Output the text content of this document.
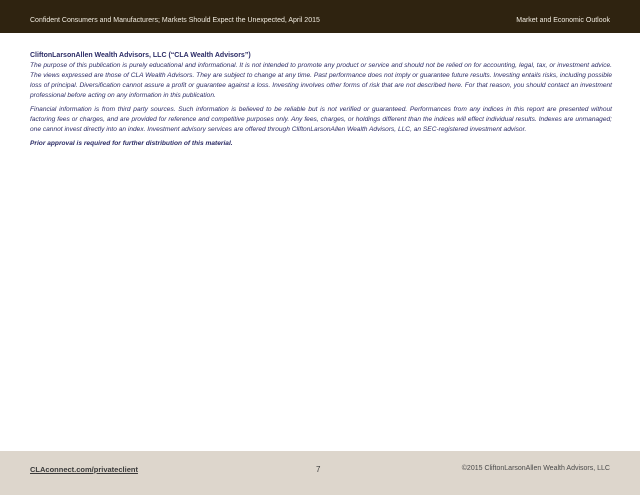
Confident Consumers and Manufacturers; Markets Should Expect the Unexpected, April 2015	Market and Economic Outlook
CliftonLarsonAllen Wealth Advisors, LLC (“CLA Wealth Advisors”)

The purpose of this publication is purely educational and informational. It is not intended to promote any product or service and should not be relied on for accounting, legal, tax, or investment advice. The views expressed are those of CLA Wealth Advisors. They are subject to change at any time. Past performance does not imply or guarantee future results. Investing entails risks, including possible loss of principal. Diversification cannot assure a profit or guarantee against a loss. Investing involves other forms of risk that are not described here. For that reason, you should contact an investment professional before acting on any information in this publication.

Financial information is from third party sources. Such information is believed to be reliable but is not verified or guaranteed. Performances from any indices in this report are presented without factoring fees or charges, and are provided for reference and competitive purposes only. Any fees, charges, or holdings different than the indices will effect individual results. Indexes are unmanaged; one cannot invest directly into an index. Investment advisory services are offered through CliftonLarsonAllen Wealth Advisors, LLC, an SEC-registered investment advisor.

Prior approval is required for further distribution of this material.

CLAconnect.com/privateclient	7	©2015 CliftonLarsonAllen Wealth Advisors, LLC
